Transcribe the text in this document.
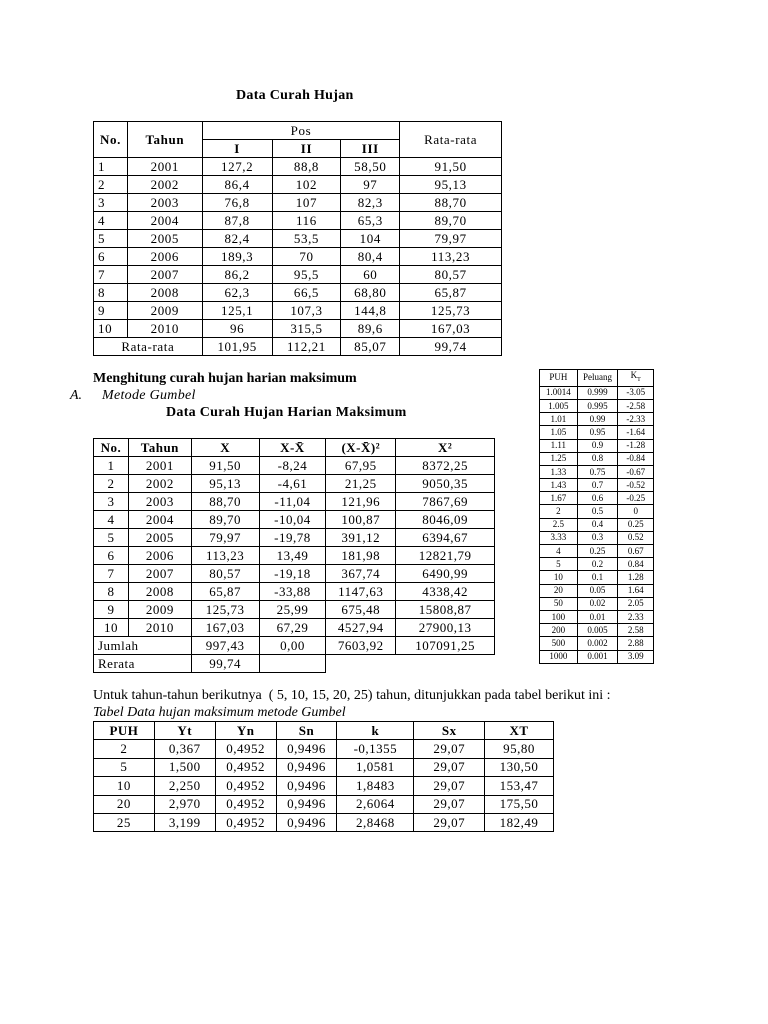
Data Curah Hujan
No.	Tahun	Pos			Rata-rata
		I	II	III	
1	2001	127,2	88,8	58,50	91,50
2	2002	86,4	102	97	95,13
3	2003	76,8	107	82,3	88,70
4	2004	87,8	116	65,3	89,70
5	2005	82,4	53,5	104	79,97
6	2006	189,3	70	80,4	113,23
7	2007	86,2	95,5	60	80,57
8	2008	62,3	66,5	68,80	65,87
9	2009	125,1	107,3	144,8	125,73
10	2010	96	315,5	89,6	167,03
Rata-rata		101,95	112,21	85,07	99,74
Menghitung curah hujan harian maksimum
A. Metode Gumbel
Data Curah Hujan Harian Maksimum
PUH	Peluang	$K_T$
1.0014	0.999	-3.05
1.005	0.995	-2.58
1.01	0.99	-2.33
1.05	0.95	-1.64
1.11	0.9	-1.28
1.25	0.8	-0.84
1.33	0.75	-0.67
1.43	0.7	-0.52
1.67	0.6	-0.25
2	0.5	0
2.5	0.4	0.25
3.33	0.3	0.52
4	0.25	0.67
5	0.2	0.84
10	0.1	1.28
20	0.05	1.64
50	0.02	2.05
100	0.01	2.33
200	0.005	2.58
500	0.002	2.88
1000	0.001	3.09
No.	Tahun	X	X-X̄	(X-X̄)²	X²
1	2001	91,50	-8,24	67,95	8372,25
2	2002	95,13	-4,61	21,25	9050,35
3	2003	88,70	-11,04	121,96	7867,69
4	2004	89,70	-10,04	100,87	8046,09
5	2005	79,97	-19,78	391,12	6394,67
6	2006	113,23	13,49	181,98	12821,79
7	2007	80,57	-19,18	367,74	6490,99
8	2008	65,87	-33,88	1147,63	4338,42
9	2009	125,73	25,99	675,48	15808,87
10	2010	167,03	67,29	4527,94	27900,13
Jumlah		997,43	0,00	7603,92	107091,25
Rerata		99,74			
Untuk tahun-tahun berikutnya  ( 5, 10, 15, 20, 25) tahun, ditunjukkan pada tabel berikut ini :
Tabel Data hujan maksimum metode Gumbel
PUH	Yt	Yn	Sn	k	Sx	XT
2	0,367	0,4952	0,9496	-0,1355	29,07	95,80
5	1,500	0,4952	0,9496	1,0581	29,07	130,50
10	2,250	0,4952	0,9496	1,8483	29,07	153,47
20	2,970	0,4952	0,9496	2,6064	29,07	175,50
25	3,199	0,4952	0,9496	2,8468	29,07	182,49
